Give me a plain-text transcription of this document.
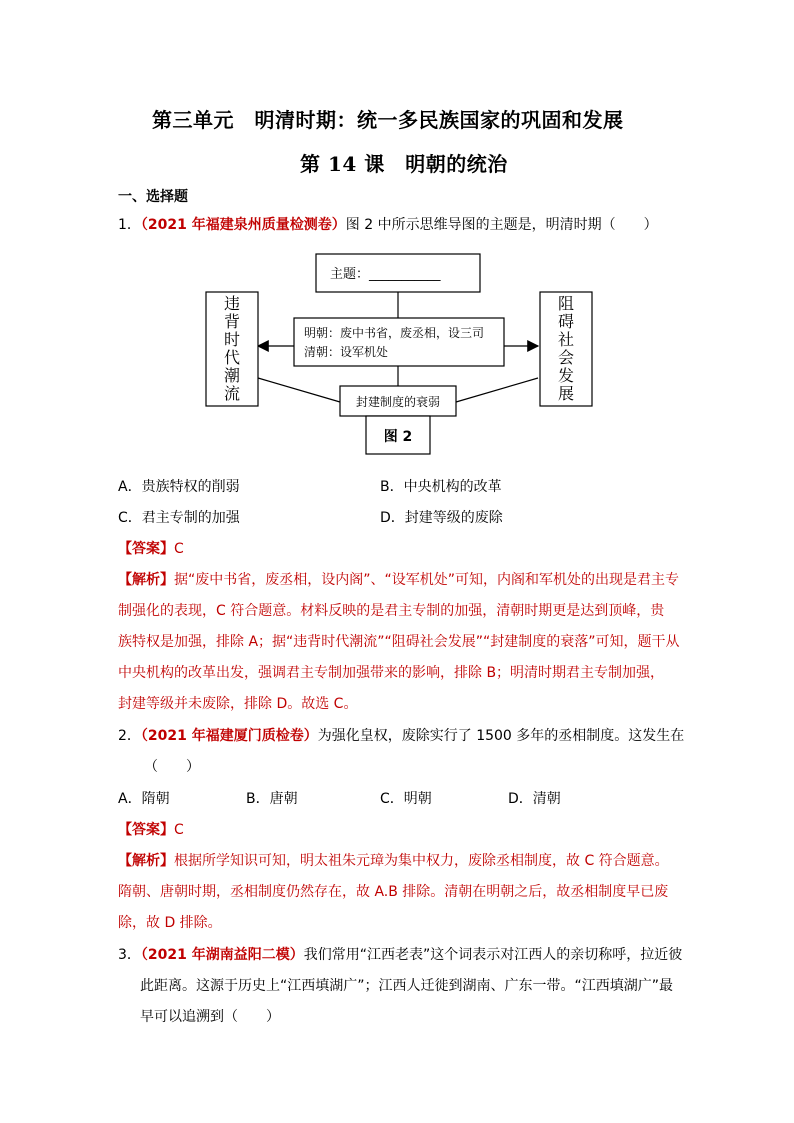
第三单元　明清时期：统一多民族国家的巩固和发展
第 14 课　明朝的统治
一、选择题
1．（2021 年福建泉州质量检测卷）图 2 中所示思维导图的主题是，明清时期（　　）
主题：___________
明朝：废中书省，废丞相，设三司
清朝：设军机处
违
背
时
代
潮
流
阻
碍
社
会
发
展
封建制度的衰弱
图 2
A．贵族特权的削弱	B．中央机构的改革
C．君主专制的加强	D．封建等级的废除
【答案】C
【解析】据“废中书省，废丞相，设内阁”、“设军机处”可知，内阁和军机处的出现是君主专
制强化的表现，C 符合题意。材料反映的是君主专制的加强，清朝时期更是达到顶峰，贵
族特权是加强，排除 A；据“违背时代潮流”“阻碍社会发展”“封建制度的衰落”可知，题干从
中央机构的改革出发，强调君主专制加强带来的影响，排除 B；明清时期君主专制加强，
封建等级并未废除，排除 D。故选 C。
2．（2021 年福建厦门质检卷）为强化皇权，废除实行了 1500 多年的丞相制度。这发生在
（　　）
A．隋朝	B．唐朝	C．明朝	D．清朝
【答案】C
【解析】根据所学知识可知，明太祖朱元璋为集中权力，废除丞相制度，故 C 符合题意。
隋朝、唐朝时期，丞相制度仍然存在，故 A.B 排除。清朝在明朝之后，故丞相制度早已废
除，故 D 排除。
3．（2021 年湖南益阳二模）我们常用“江西老表”这个词表示对江西人的亲切称呼，拉近彼
此距离。这源于历史上“江西填湖广”；江西人迁徙到湖南、广东一带。“江西填湖广”最
早可以追溯到（　　）
